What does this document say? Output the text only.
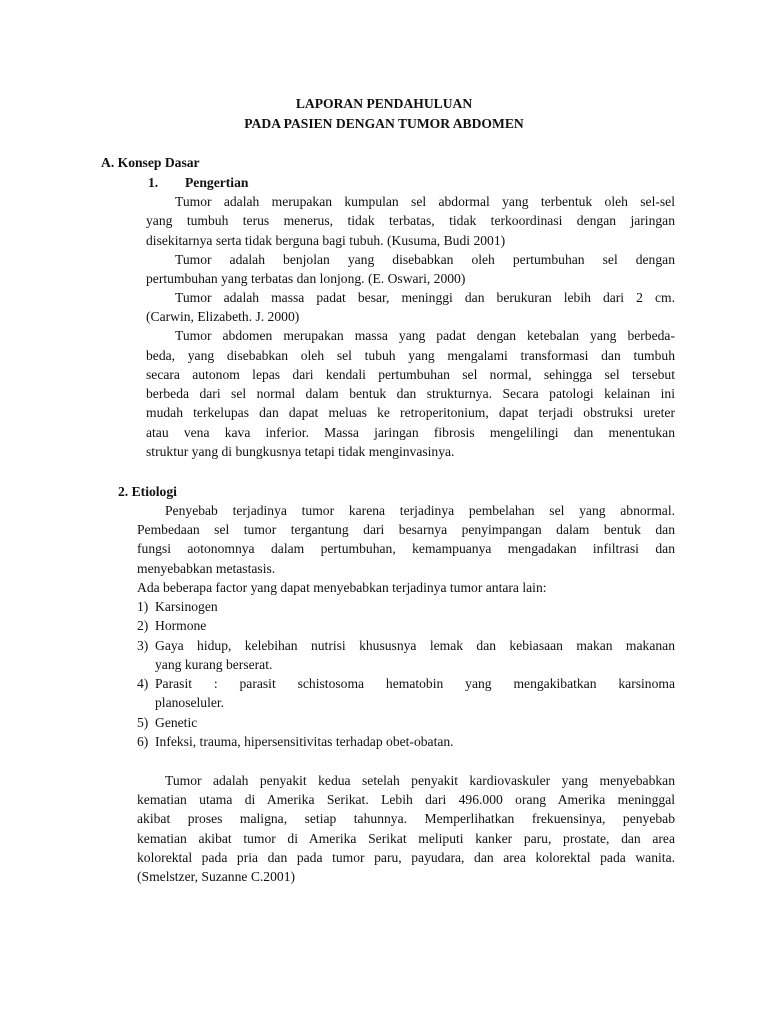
LAPORAN PENDAHULUAN
PADA PASIEN DENGAN TUMOR ABDOMEN
A. Konsep Dasar
1. Pengertian
Tumor adalah merupakan kumpulan sel abdormal yang terbentuk oleh sel-sel
yang tumbuh terus menerus, tidak terbatas, tidak terkoordinasi dengan jaringan
disekitarnya serta tidak berguna bagi tubuh. (Kusuma, Budi 2001)
Tumor adalah benjolan yang disebabkan oleh pertumbuhan sel dengan
pertumbuhan yang terbatas dan lonjong. (E. Oswari, 2000)
Tumor adalah massa padat besar, meninggi dan berukuran lebih dari 2 cm.
(Carwin, Elizabeth. J. 2000)
Tumor abdomen merupakan massa yang padat dengan ketebalan yang berbeda-
beda, yang disebabkan oleh sel tubuh yang mengalami transformasi dan tumbuh
secara autonom lepas dari kendali pertumbuhan sel normal, sehingga sel tersebut
berbeda dari sel normal dalam bentuk dan strukturnya. Secara patologi kelainan ini
mudah terkelupas dan dapat meluas ke retroperitonium, dapat terjadi obstruksi ureter
atau vena kava inferior. Massa jaringan fibrosis mengelilingi dan menentukan
struktur yang di bungkusnya tetapi tidak menginvasinya.
2. Etiologi
Penyebab terjadinya tumor karena terjadinya pembelahan sel yang abnormal.
Pembedaan sel tumor tergantung dari besarnya penyimpangan dalam bentuk dan
fungsi aotonomnya dalam pertumbuhan, kemampuanya mengadakan infiltrasi dan
menyebabkan metastasis.
Ada beberapa factor yang dapat menyebabkan terjadinya tumor antara lain:
1) Karsinogen
2) Hormone
3) Gaya hidup, kelebihan nutrisi khususnya lemak dan kebiasaan makan makanan
yang kurang berserat.
4) Parasit : parasit schistosoma hematobin yang mengakibatkan karsinoma
planoseluler.
5) Genetic
6) Infeksi, trauma, hipersensitivitas terhadap obet-obatan.
Tumor adalah penyakit kedua setelah penyakit kardiovaskuler yang menyebabkan
kematian utama di Amerika Serikat. Lebih dari 496.000 orang Amerika meninggal
akibat proses maligna, setiap tahunnya. Memperlihatkan frekuensinya, penyebab
kematian akibat tumor di Amerika Serikat meliputi kanker paru, prostate, dan area
kolorektal pada pria dan pada tumor paru, payudara, dan area kolorektal pada wanita.
(Smelstzer, Suzanne C.2001)
